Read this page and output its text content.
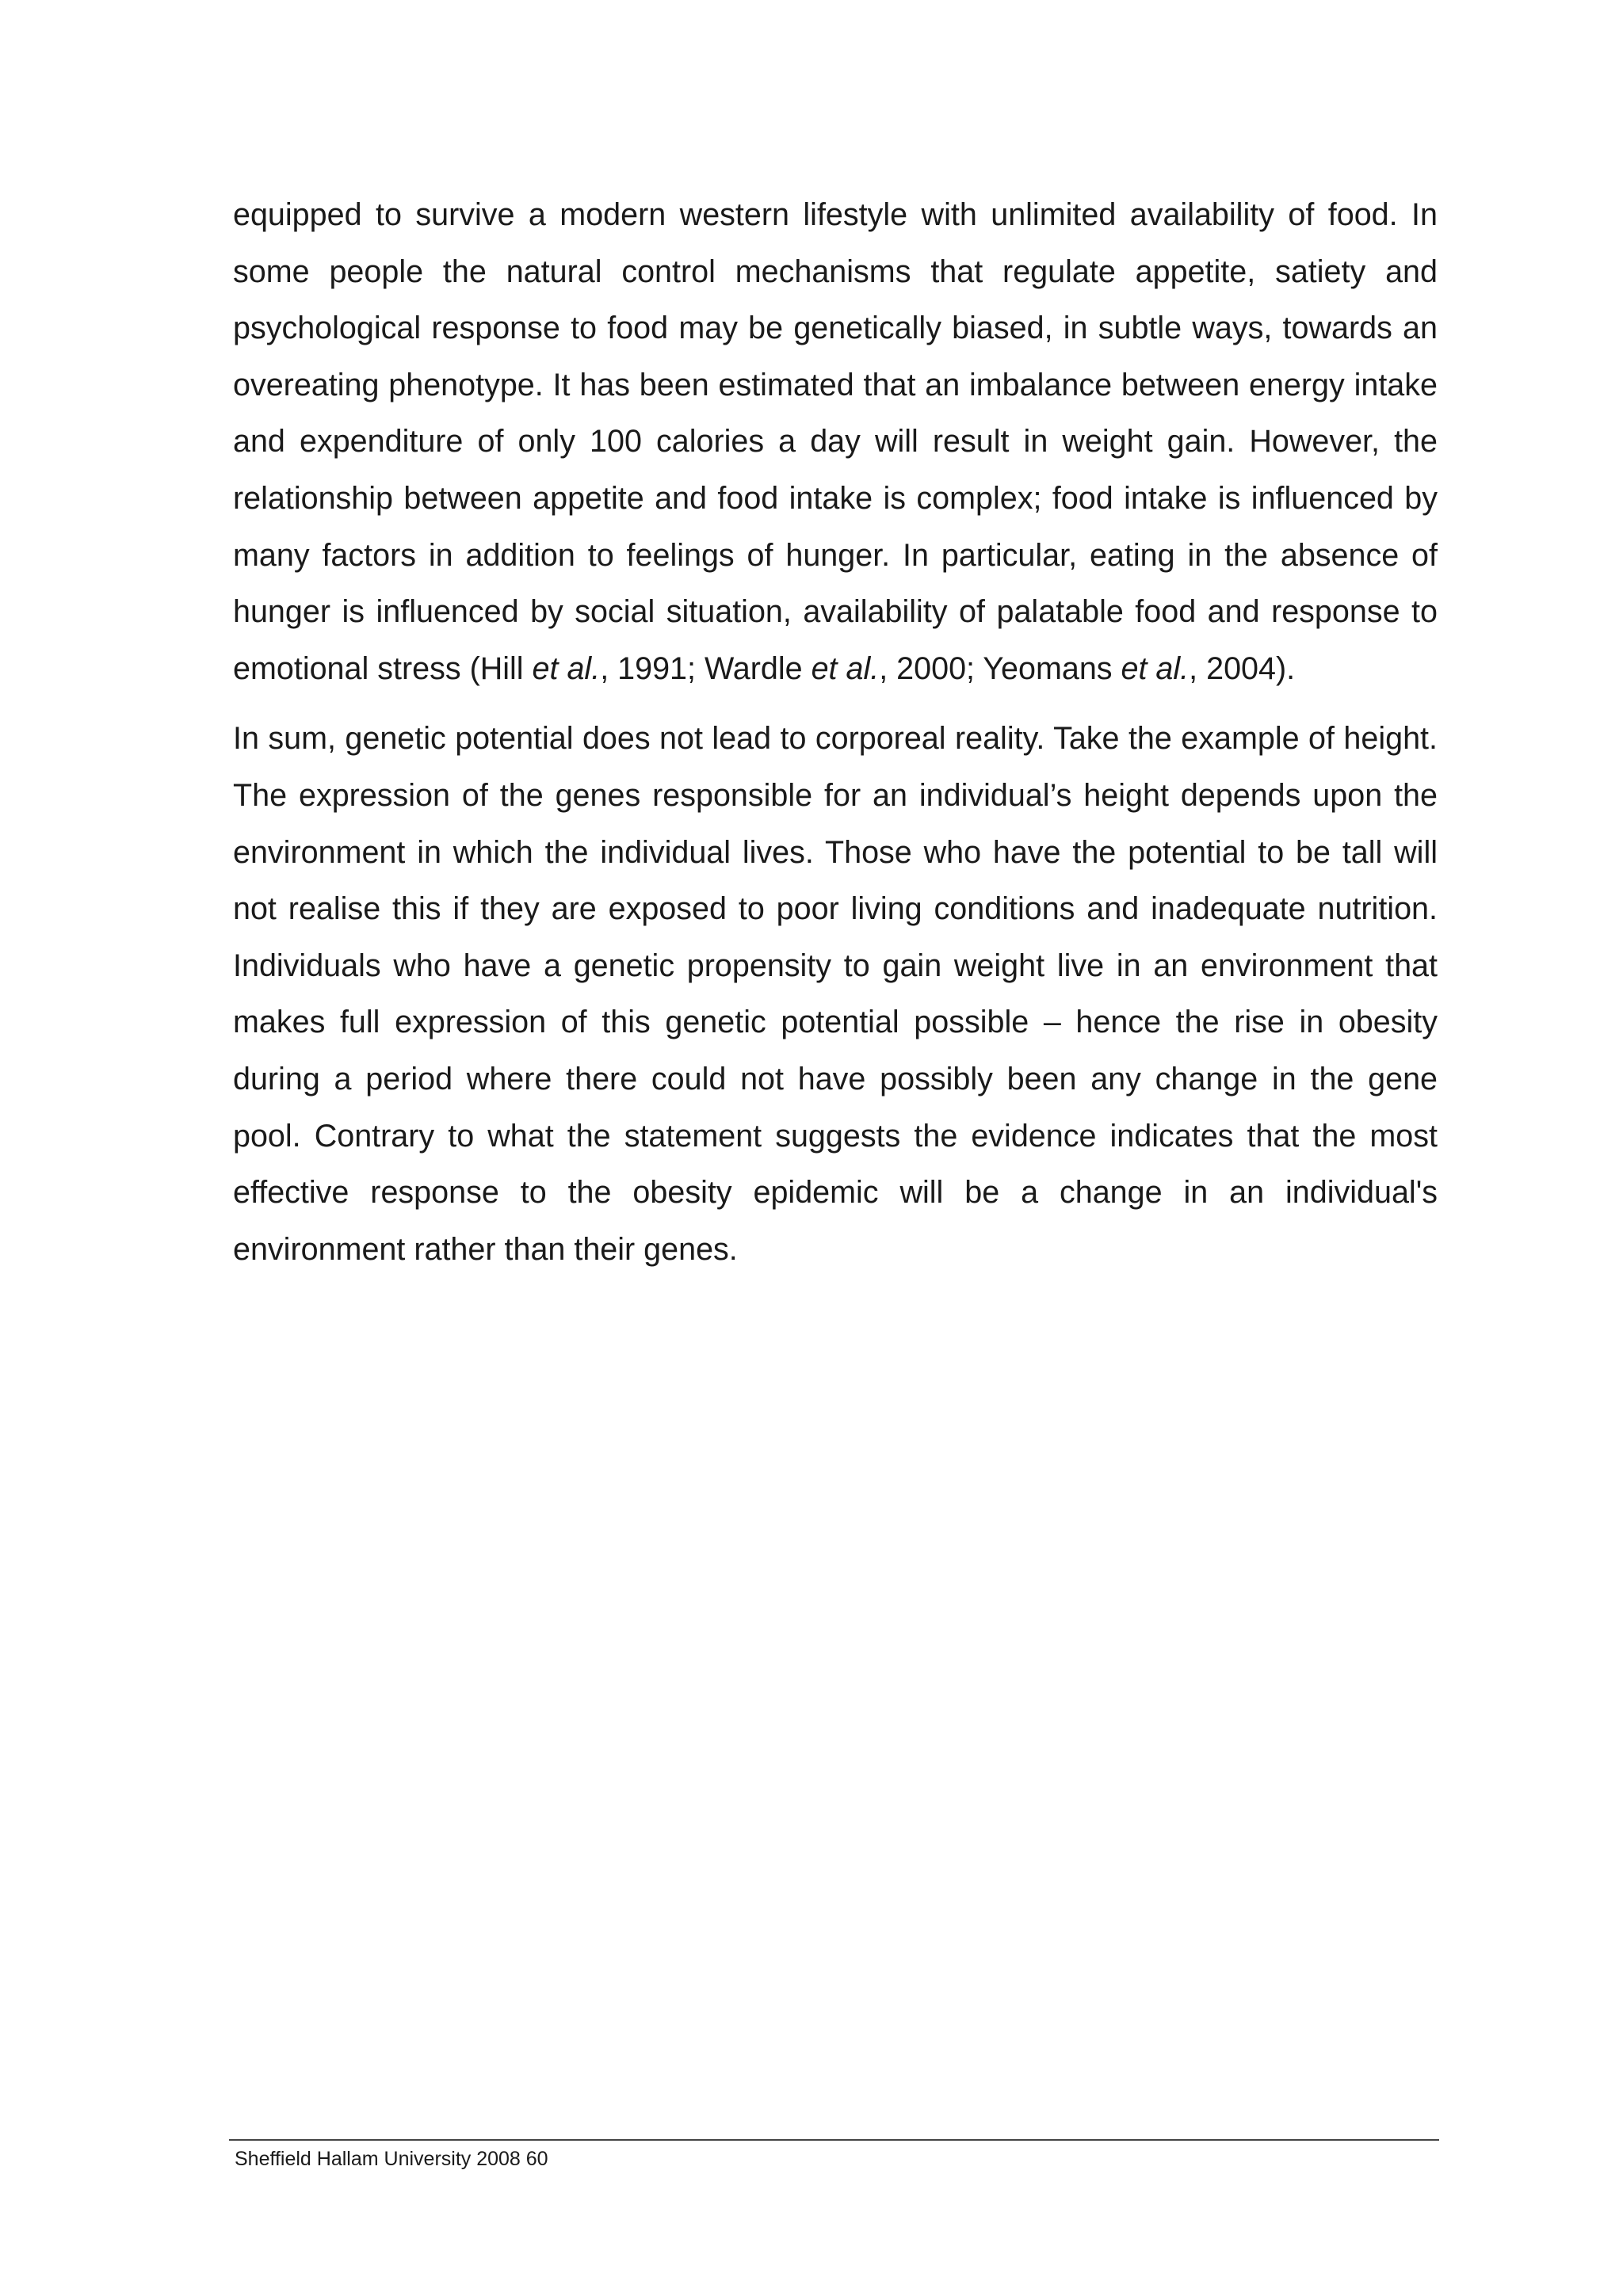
equipped to survive a modern western lifestyle with unlimited availability of food. In some people the natural control mechanisms that regulate appetite, satiety and psychological response to food may be genetically biased, in subtle ways, towards an overeating phenotype. It has been estimated that an imbalance between energy intake and expenditure of only 100 calories a day will result in weight gain. However, the relationship between appetite and food intake is complex; food intake is influenced by many factors in addition to feelings of hunger. In particular, eating in the absence of hunger is influenced by social situation, availability of palatable food and response to emotional stress (Hill et al., 1991; Wardle et al., 2000; Yeomans et al., 2004).

In sum, genetic potential does not lead to corporeal reality. Take the example of height. The expression of the genes responsible for an individual’s height depends upon the environment in which the individual lives. Those who have the potential to be tall will not realise this if they are exposed to poor living conditions and inadequate nutrition. Individuals who have a genetic propensity to gain weight live in an environment that makes full expression of this genetic potential possible – hence the rise in obesity during a period where there could not have possibly been any change in the gene pool. Contrary to what the statement suggests the evidence indicates that the most effective response to the obesity epidemic will be a change in an individual's environment rather than their genes.

Sheffield Hallam University 2008 60
